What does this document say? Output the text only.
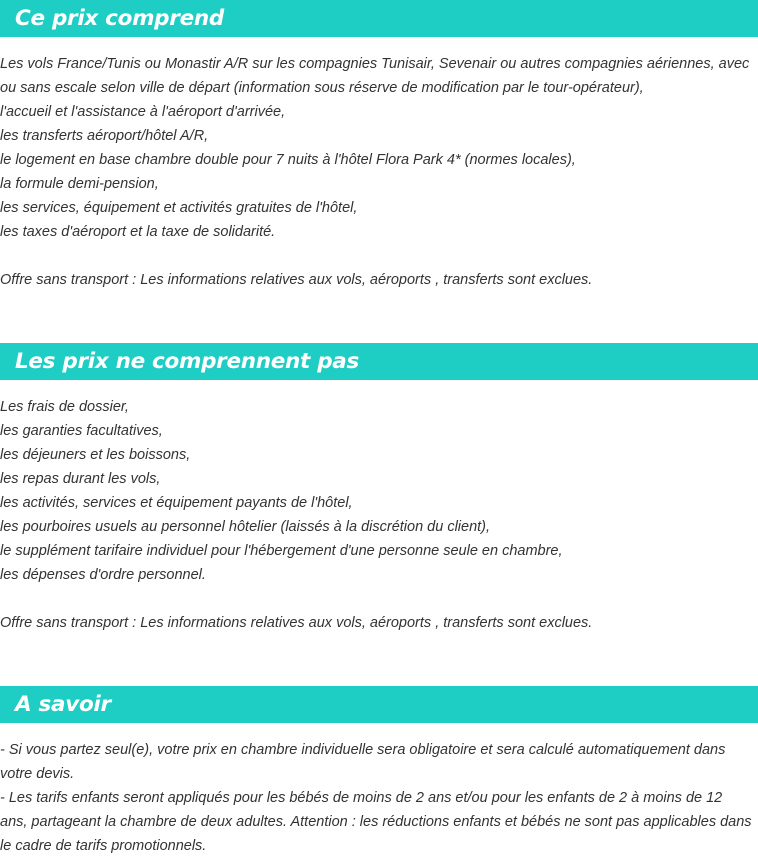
Ce prix comprend
Les vols France/Tunis ou Monastir A/R sur les compagnies Tunisair, Sevenair ou autres compagnies aériennes, avec ou sans escale selon ville de départ (information sous réserve de modification par le tour-opérateur),
l'accueil et l'assistance à l'aéroport d'arrivée,
les transferts aéroport/hôtel A/R,
le logement en base chambre double pour 7 nuits à l'hôtel Flora Park 4* (normes locales),
la formule demi-pension,
les services, équipement et activités gratuites de l'hôtel,
les taxes d'aéroport et la taxe de solidarité.
Offre sans transport : Les informations relatives aux vols, aéroports , transferts sont exclues.
Les prix ne comprennent pas
Les frais de dossier,
les garanties facultatives,
les déjeuners et les boissons,
les repas durant les vols,
les activités, services et équipement payants de l'hôtel,
les pourboires usuels au personnel hôtelier (laissés à la discrétion du client),
le supplément tarifaire individuel pour l'hébergement d'une personne seule en chambre,
les dépenses d'ordre personnel.
Offre sans transport : Les informations relatives aux vols, aéroports , transferts sont exclues.
A savoir
- Si vous partez seul(e), votre prix en chambre individuelle sera obligatoire et sera calculé automatiquement dans votre devis.
- Les tarifs enfants seront appliqués pour les bébés de moins de 2 ans et/ou pour les enfants de 2 à moins de 12 ans, partageant la chambre de deux adultes. Attention : les réductions enfants et bébés ne sont pas applicables dans le cadre de tarifs promotionnels.
